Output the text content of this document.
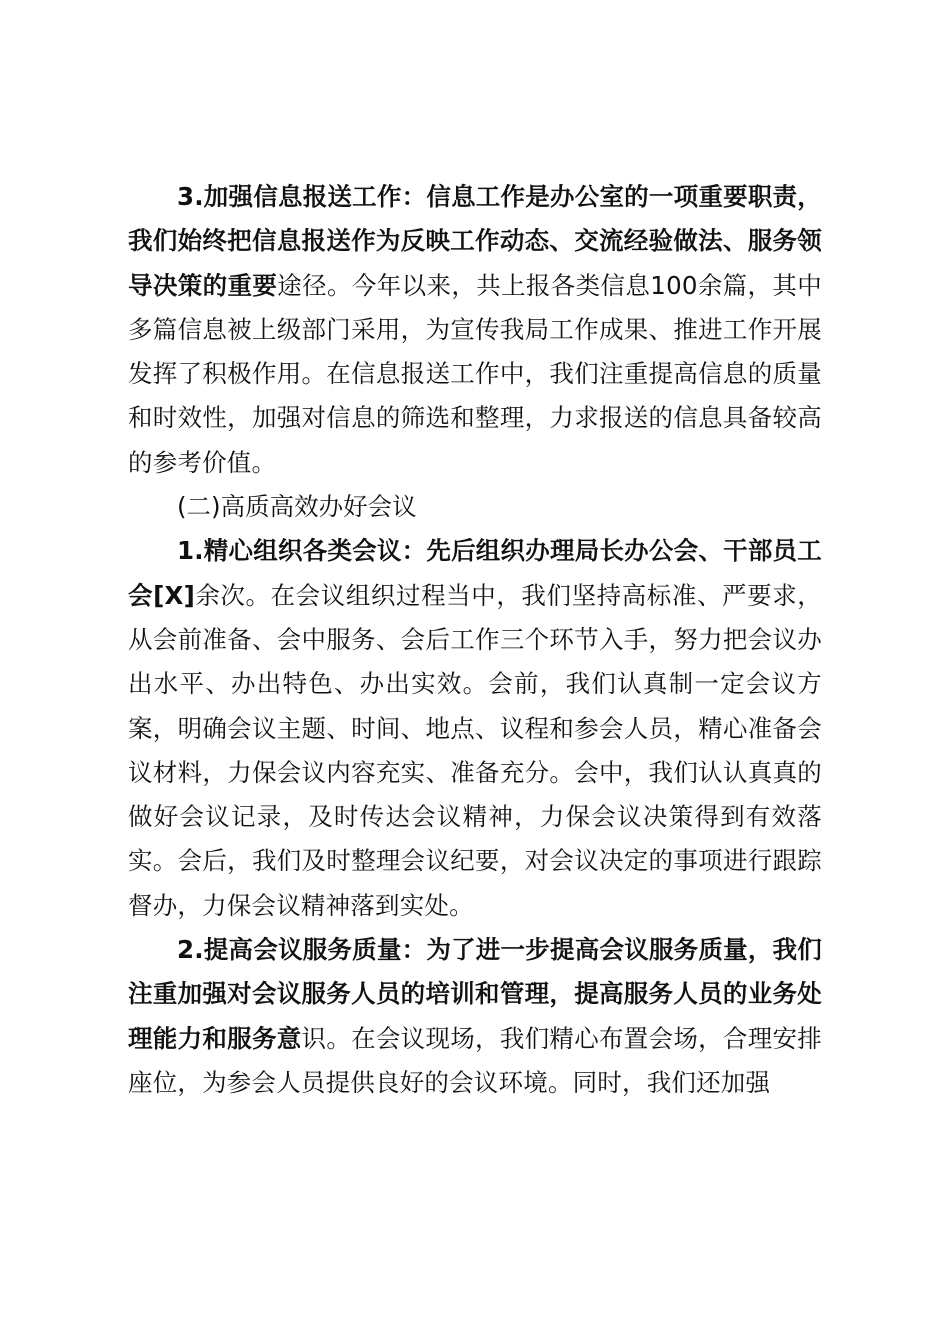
3.加强信息报送工作：信息工作是办公室的一项重要职责，我们始终把信息报送作为反映工作动态、交流经验做法、服务领导决策的重要途径。今年以来，共上报各类信息100余篇，其中多篇信息被上级部门采用，为宣传我局工作成果、推进工作开展发挥了积极作用。在信息报送工作中，我们注重提高信息的质量和时效性，加强对信息的筛选和整理，力求报送的信息具备较高的参考价值。

(二)高质高效办好会议

1.精心组织各类会议：先后组织办理局长办公会、干部员工会[X]余次。在会议组织过程当中，我们坚持高标准、严要求，从会前准备、会中服务、会后工作三个环节入手，努力把会议办出水平、办出特色、办出实效。会前，我们认真制一定会议方案，明确会议主题、时间、地点、议程和参会人员，精心准备会议材料，力保会议内容充实、准备充分。会中，我们认认真真的做好会议记录，及时传达会议精神，力保会议决策得到有效落实。会后，我们及时整理会议纪要，对会议决定的事项进行跟踪督办，力保会议精神落到实处。

2.提高会议服务质量：为了进一步提高会议服务质量，我们注重加强对会议服务人员的培训和管理，提高服务人员的业务处理能力和服务意识。在会议现场，我们精心布置会场，合理安排座位，为参会人员提供良好的会议环境。同时，我们还加强
